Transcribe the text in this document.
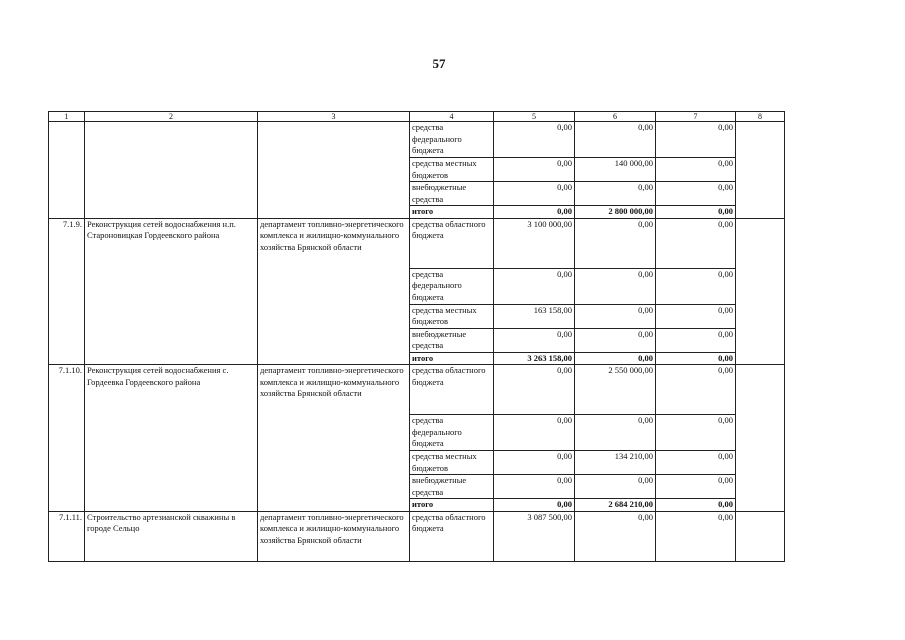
57
1	2	3	4	5	6	7	8
			средства федерального бюджета	0,00	0,00	0,00	
			средства местных бюджетов	0,00	140 000,00	0,00	
			внебюджетные средства	0,00	0,00	0,00	
			итого	0,00	2 800 000,00	0,00	
7.1.9.	Реконструкция сетей водоснабжения н.п. Староновицкая Гордеевского района	департамент топливно-энергетического комплекса и жилищно-коммунального хозяйства Брянской области	средства областного бюджета	3 100 000,00	0,00	0,00	
			средства федерального бюджета	0,00	0,00	0,00	
			средства местных бюджетов	163 158,00	0,00	0,00	
			внебюджетные средства	0,00	0,00	0,00	
			итого	3 263 158,00	0,00	0,00	
7.1.10.	Реконструкция сетей водоснабжения с. Гордеевка Гордеевского района	департамент топливно-энергетического комплекса и жилищно-коммунального хозяйства Брянской области	средства областного бюджета	0,00	2 550 000,00	0,00	
			средства федерального бюджета	0,00	0,00	0,00	
			средства местных бюджетов	0,00	134 210,00	0,00	
			внебюджетные средства	0,00	0,00	0,00	
			итого	0,00	2 684 210,00	0,00	
7.1.11.	Строительство артезианской скважины в городе Сельцо	департамент топливно-энергетического комплекса и жилищно-коммунального хозяйства Брянской области	средства областного бюджета	3 087 500,00	0,00	0,00	
